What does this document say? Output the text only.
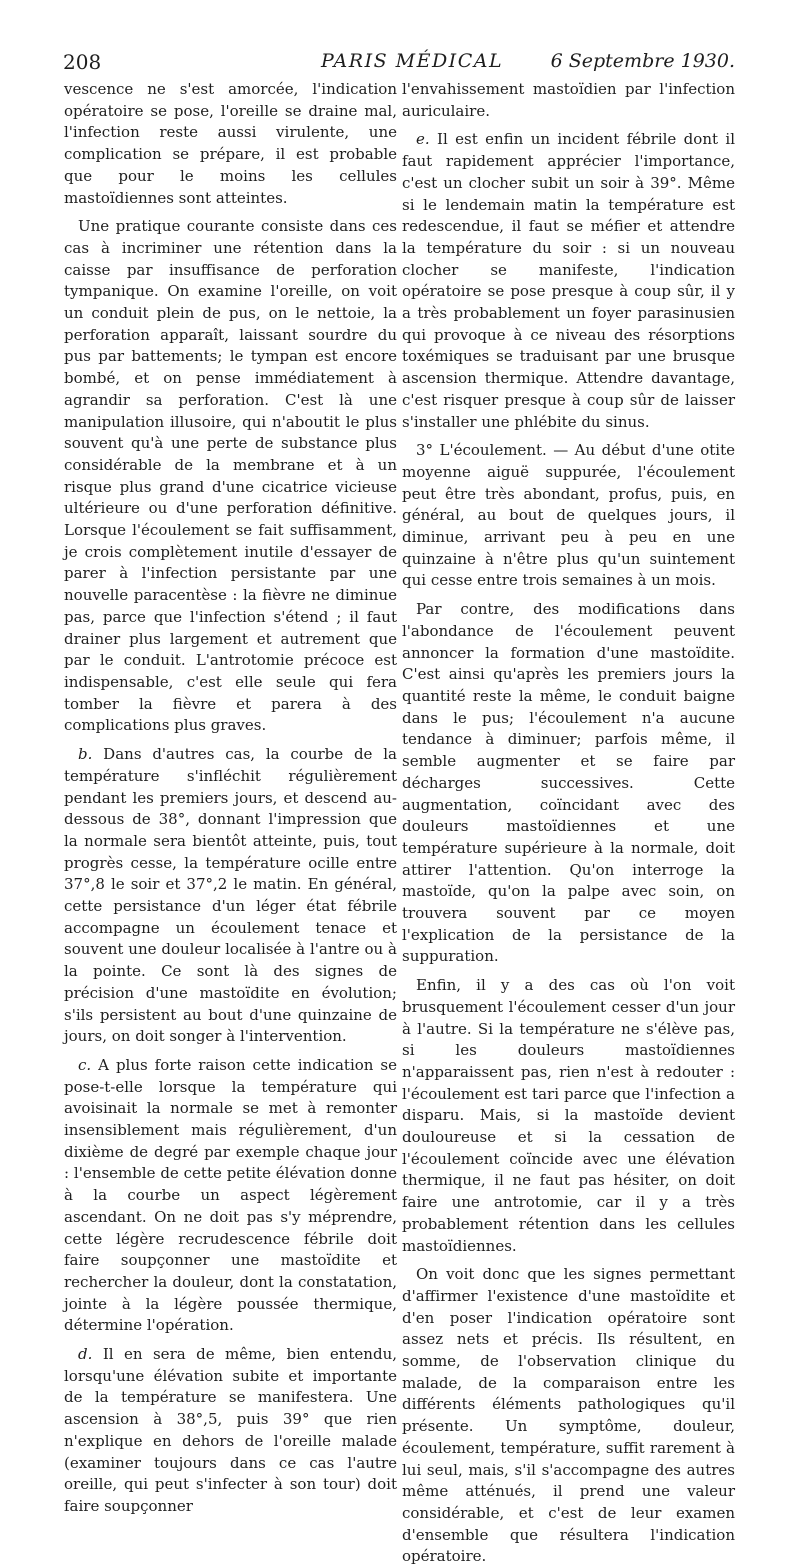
208	PARIS MÉDICAL	6 Septembre 1930.

vescence ne s'est amorcée, l'indication opératoire se pose, l'oreille se draine mal, l'infection reste aussi virulente, une complication se prépare, il est probable que pour le moins les cellules mastoïdiennes sont atteintes.

Une pratique courante consiste dans ces cas à incriminer une rétention dans la caisse par insuffisance de perforation tympanique. On examine l'oreille, on voit un conduit plein de pus, on le nettoie, la perforation apparaît, laissant sourdre du pus par battements; le tympan est encore bombé, et on pense immédiatement à agrandir sa perforation. C'est là une manipulation illusoire, qui n'aboutit le plus souvent qu'à une perte de substance plus considérable de la membrane et à un risque plus grand d'une cicatrice vicieuse ultérieure ou d'une perforation définitive. Lorsque l'écoulement se fait suffisamment, je crois complètement inutile d'essayer de parer à l'infection persistante par une nouvelle paracentèse : la fièvre ne diminue pas, parce que l'infection s'étend ; il faut drainer plus largement et autrement que par le conduit. L'antrotomie précoce est indispensable, c'est elle seule qui fera tomber la fièvre et parera à des complications plus graves.

b. Dans d'autres cas, la courbe de la température s'infléchit régulièrement pendant les premiers jours, et descend au-dessous de 38°, donnant l'impression que la normale sera bientôt atteinte, puis, tout progrès cesse, la température ocille entre 37°,8 le soir et 37°,2 le matin. En général, cette persistance d'un léger état fébrile accompagne un écoulement tenace et souvent une douleur localisée à l'antre ou à la pointe. Ce sont là des signes de précision d'une mastoïdite en évolution; s'ils persistent au bout d'une quinzaine de jours, on doit songer à l'intervention.

c. A plus forte raison cette indication se pose-t-elle lorsque la température qui avoisinait la normale se met à remonter insensiblement mais régulièrement, d'un dixième de degré par exemple chaque jour : l'ensemble de cette petite élévation donne à la courbe un aspect légèrement ascendant. On ne doit pas s'y méprendre, cette légère recrudescence fébrile doit faire soupçonner une mastoïdite et rechercher la douleur, dont la constatation, jointe à la légère poussée thermique, détermine l'opération.

d. Il en sera de même, bien entendu, lorsqu'une élévation subite et importante de la température se manifestera. Une ascension à 38°,5, puis 39° que rien n'explique en dehors de l'oreille malade (examiner toujours dans ce cas l'autre oreille, qui peut s'infecter à son tour) doit faire soupçonner

l'envahissement mastoïdien par l'infection auriculaire.

e. Il est enfin un incident fébrile dont il faut rapidement apprécier l'importance, c'est un clocher subit un soir à 39°. Même si le lendemain matin la température est redescendue, il faut se méfier et attendre la température du soir : si un nouveau clocher se manifeste, l'indication opératoire se pose presque à coup sûr, il y a très probablement un foyer parasinusien qui provoque à ce niveau des résorptions toxémiques se traduisant par une brusque ascension thermique. Attendre davantage, c'est risquer presque à coup sûr de laisser s'installer une phlébite du sinus.

3° L'écoulement. — Au début d'une otite moyenne aiguë suppurée, l'écoulement peut être très abondant, profus, puis, en général, au bout de quelques jours, il diminue, arrivant peu à peu en une quinzaine à n'être plus qu'un suintement qui cesse entre trois semaines à un mois.

Par contre, des modifications dans l'abondance de l'écoulement peuvent annoncer la formation d'une mastoïdite. C'est ainsi qu'après les premiers jours la quantité reste la même, le conduit baigne dans le pus; l'écoulement n'a aucune tendance à diminuer; parfois même, il semble augmenter et se faire par décharges successives. Cette augmentation, coïncidant avec des douleurs mastoïdiennes et une température supérieure à la normale, doit attirer l'attention. Qu'on interroge la mastoïde, qu'on la palpe avec soin, on trouvera souvent par ce moyen l'explication de la persistance de la suppuration.

Enfin, il y a des cas où l'on voit brusquement l'écoulement cesser d'un jour à l'autre. Si la température ne s'élève pas, si les douleurs mastoïdiennes n'apparaissent pas, rien n'est à redouter : l'écoulement est tari parce que l'infection a disparu. Mais, si la mastoïde devient douloureuse et si la cessation de l'écoulement coïncide avec une élévation thermique, il ne faut pas hésiter, on doit faire une antrotomie, car il y a très probablement rétention dans les cellules mastoïdiennes.

On voit donc que les signes permettant d'affirmer l'existence d'une mastoïdite et d'en poser l'indication opératoire sont assez nets et précis. Ils résultent, en somme, de l'observation clinique du malade, de la comparaison entre les différents éléments pathologiques qu'il présente. Un symptôme, douleur, écoulement, température, suffit rarement à lui seul, mais, s'il s'accompagne des autres même atténués, il prend une valeur considérable, et c'est de leur examen d'ensemble que résultera l'indication opératoire.
